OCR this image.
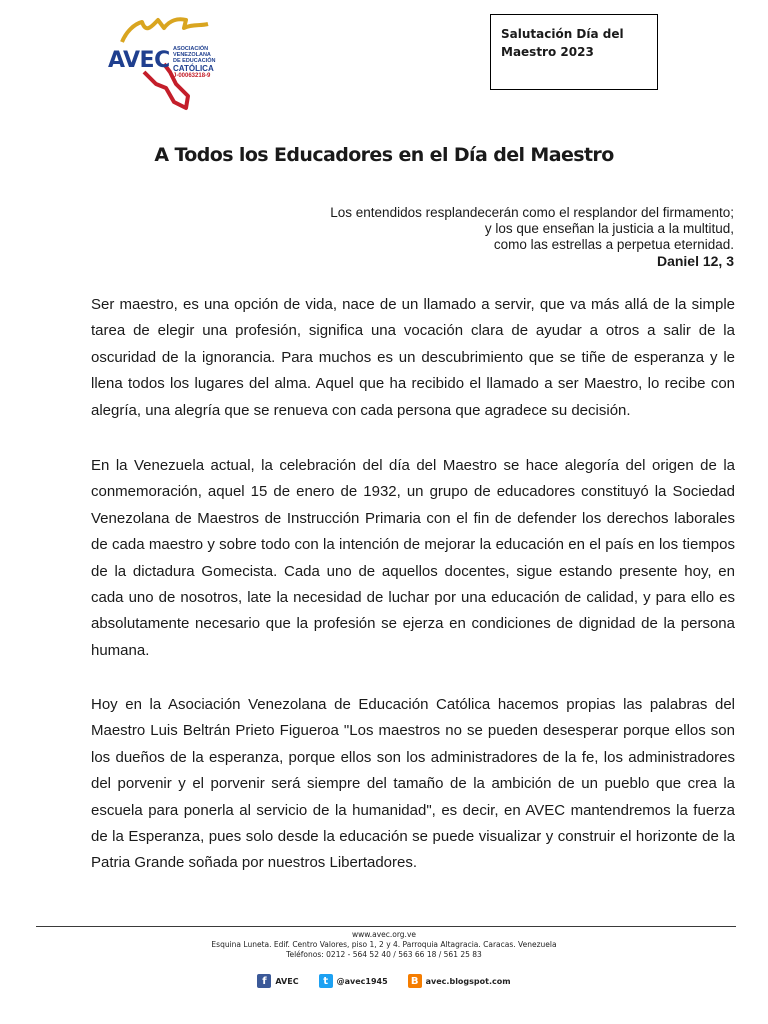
AVEC ASOCIACIÓN
VENEZOLANA
DE EDUCACIÓN
CATÓLICA
J-00063218-9
Salutación Día del
Maestro 2023
A Todos los Educadores en el Día del Maestro
Los entendidos resplandecerán como el resplandor del firmamento;
y los que enseñan la justicia a la multitud,
como las estrellas a perpetua eternidad.
Daniel 12, 3
Ser maestro, es una opción de vida, nace de un llamado a servir, que va más allá de la simple tarea de elegir una profesión, significa una vocación clara de ayudar a otros a salir de la oscuridad de la ignorancia. Para muchos es un descubrimiento que se tiñe de esperanza y le llena todos los lugares del alma. Aquel que ha recibido el llamado a ser Maestro, lo recibe con alegría, una alegría que se renueva con cada persona que agradece su decisión.
En la Venezuela actual, la celebración del día del Maestro se hace alegoría del origen de la conmemoración, aquel 15 de enero de 1932, un grupo de educadores constituyó la Sociedad Venezolana de Maestros de Instrucción Primaria con el fin de defender los derechos laborales de cada maestro y sobre todo con la intención de mejorar la educación en el país en los tiempos de la dictadura Gomecista. Cada uno de aquellos docentes, sigue estando presente hoy, en cada uno de nosotros, late la necesidad de luchar por una educación de calidad, y para ello es absolutamente necesario que la profesión se ejerza en condiciones de dignidad de la persona humana.
Hoy en la Asociación Venezolana de Educación Católica hacemos propias las palabras del Maestro Luis Beltrán Prieto Figueroa "Los maestros no se pueden desesperar porque ellos son los dueños de la esperanza, porque ellos son los administradores de la fe, los administradores del porvenir y el porvenir será siempre del tamaño de la ambición de un pueblo que crea la escuela para ponerla al servicio de la humanidad", es decir, en AVEC mantendremos la fuerza de la Esperanza, pues solo desde la educación se puede visualizar y construir el horizonte de la Patria Grande soñada por nuestros Libertadores.
www.avec.org.ve
Esquina Luneta. Edif. Centro Valores, piso 1, 2 y 4. Parroquia Altagracia. Caracas. Venezuela
Teléfonos: 0212 - 564 52 40 / 563 66 18 / 561 25 83
f	AVEC	t	@avec1945	B avec.blogspot.com
